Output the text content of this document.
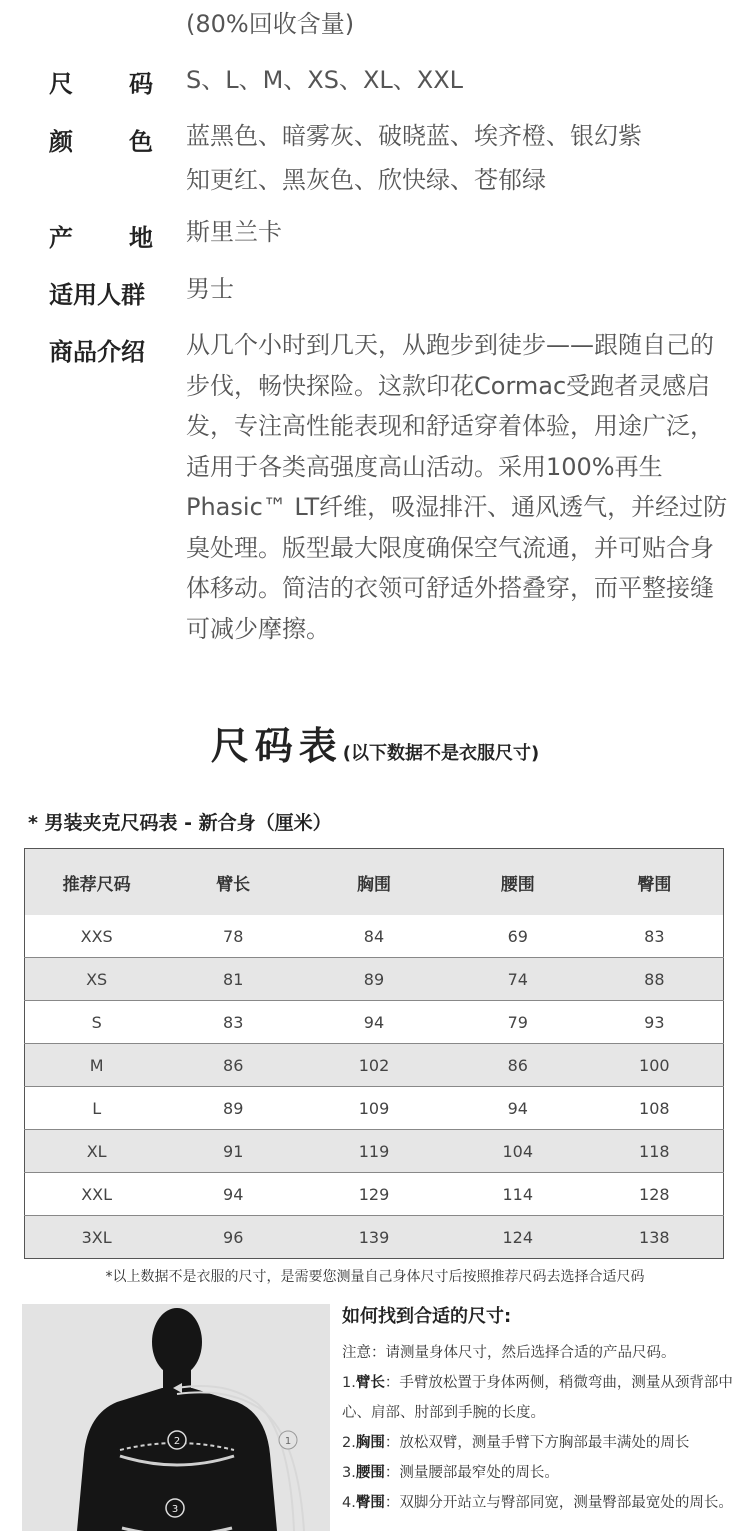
(80%回收含量)
尺 码 S、L、M、XS、XL、XXL
颜 色 蓝黑色、暗雾灰、破晓蓝、埃齐橙、银幻紫
知更红、黑灰色、欣快绿、苍郁绿
产 地 斯里兰卡
适用人群	男士
商品介绍	从几个小时到几天，从跑步到徒步——跟随自己的步伐，畅快探险。这款印花Cormac受跑者灵感启发，专注高性能表现和舒适穿着体验，用途广泛，适用于各类高强度高山活动。采用100%再生Phasic™ LT纤维，吸湿排汗、通风透气，并经过防臭处理。版型最大限度确保空气流通，并可贴合身体移动。简洁的衣领可舒适外搭叠穿，而平整接缝可减少摩擦。
尺码表(以下数据不是衣服尺寸)
* 男装夹克尺码表 - 新合身（厘米）
推荐尺码	臂长	胸围	腰围	臀围
XXS	78	84	69	83
XS	81	89	74	88
S	83	94	79	93
M	86	102	86	100
L	89	109	94	108
XL	91	119	104	118
XXL	94	129	114	128
3XL	96	139	124	138
*以上数据不是衣服的尺寸，是需要您测量自己身体尺寸后按照推荐尺码去选择合适尺码
1
2
3
如何找到合适的尺寸:
注意：请测量身体尺寸，然后选择合适的产品尺码。
1.臂长：手臂放松置于身体两侧，稍微弯曲，测量从颈背部中心、肩部、肘部到手腕的长度。
2.胸围：放松双臂，测量手臂下方胸部最丰满处的周长
3.腰围：测量腰部最窄处的周长。
4.臀围：双脚分开站立与臀部同宽，测量臀部最宽处的周长。
